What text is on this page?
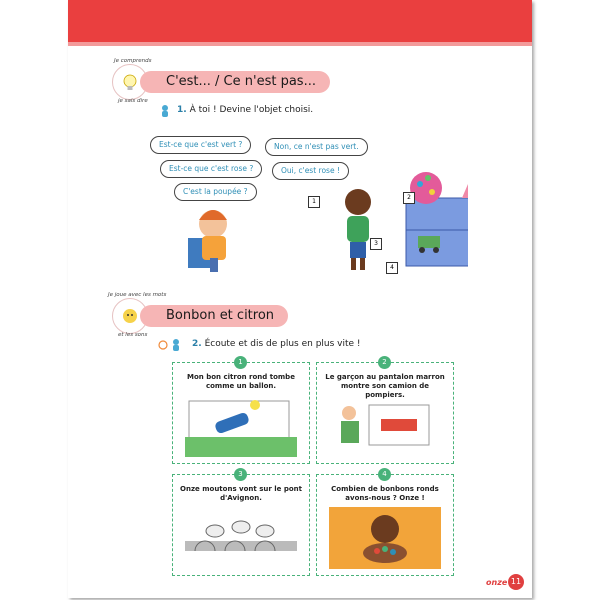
Je comprends
je sais dire
C'est... / Ce n'est pas...
1. À toi ! Devine l'objet choisi.
Est-ce que c'est vert ?
Est-ce que c'est rose ?
C'est la poupée ?
Non, ce n'est pas vert.
Oui, c'est rose !
1
2
3
4
Je joue avec les mots
et les sons
Bonbon et citron
2. Écoute et dis de plus en plus vite !
1
Mon bon citron rond tombe comme un ballon.
2
Le garçon au pantalon marron montre son camion de pompiers.
3
Onze moutons vont sur le pont d'Avignon.
4
Combien de bonbons ronds avons-nous ? Onze !
onze 11
